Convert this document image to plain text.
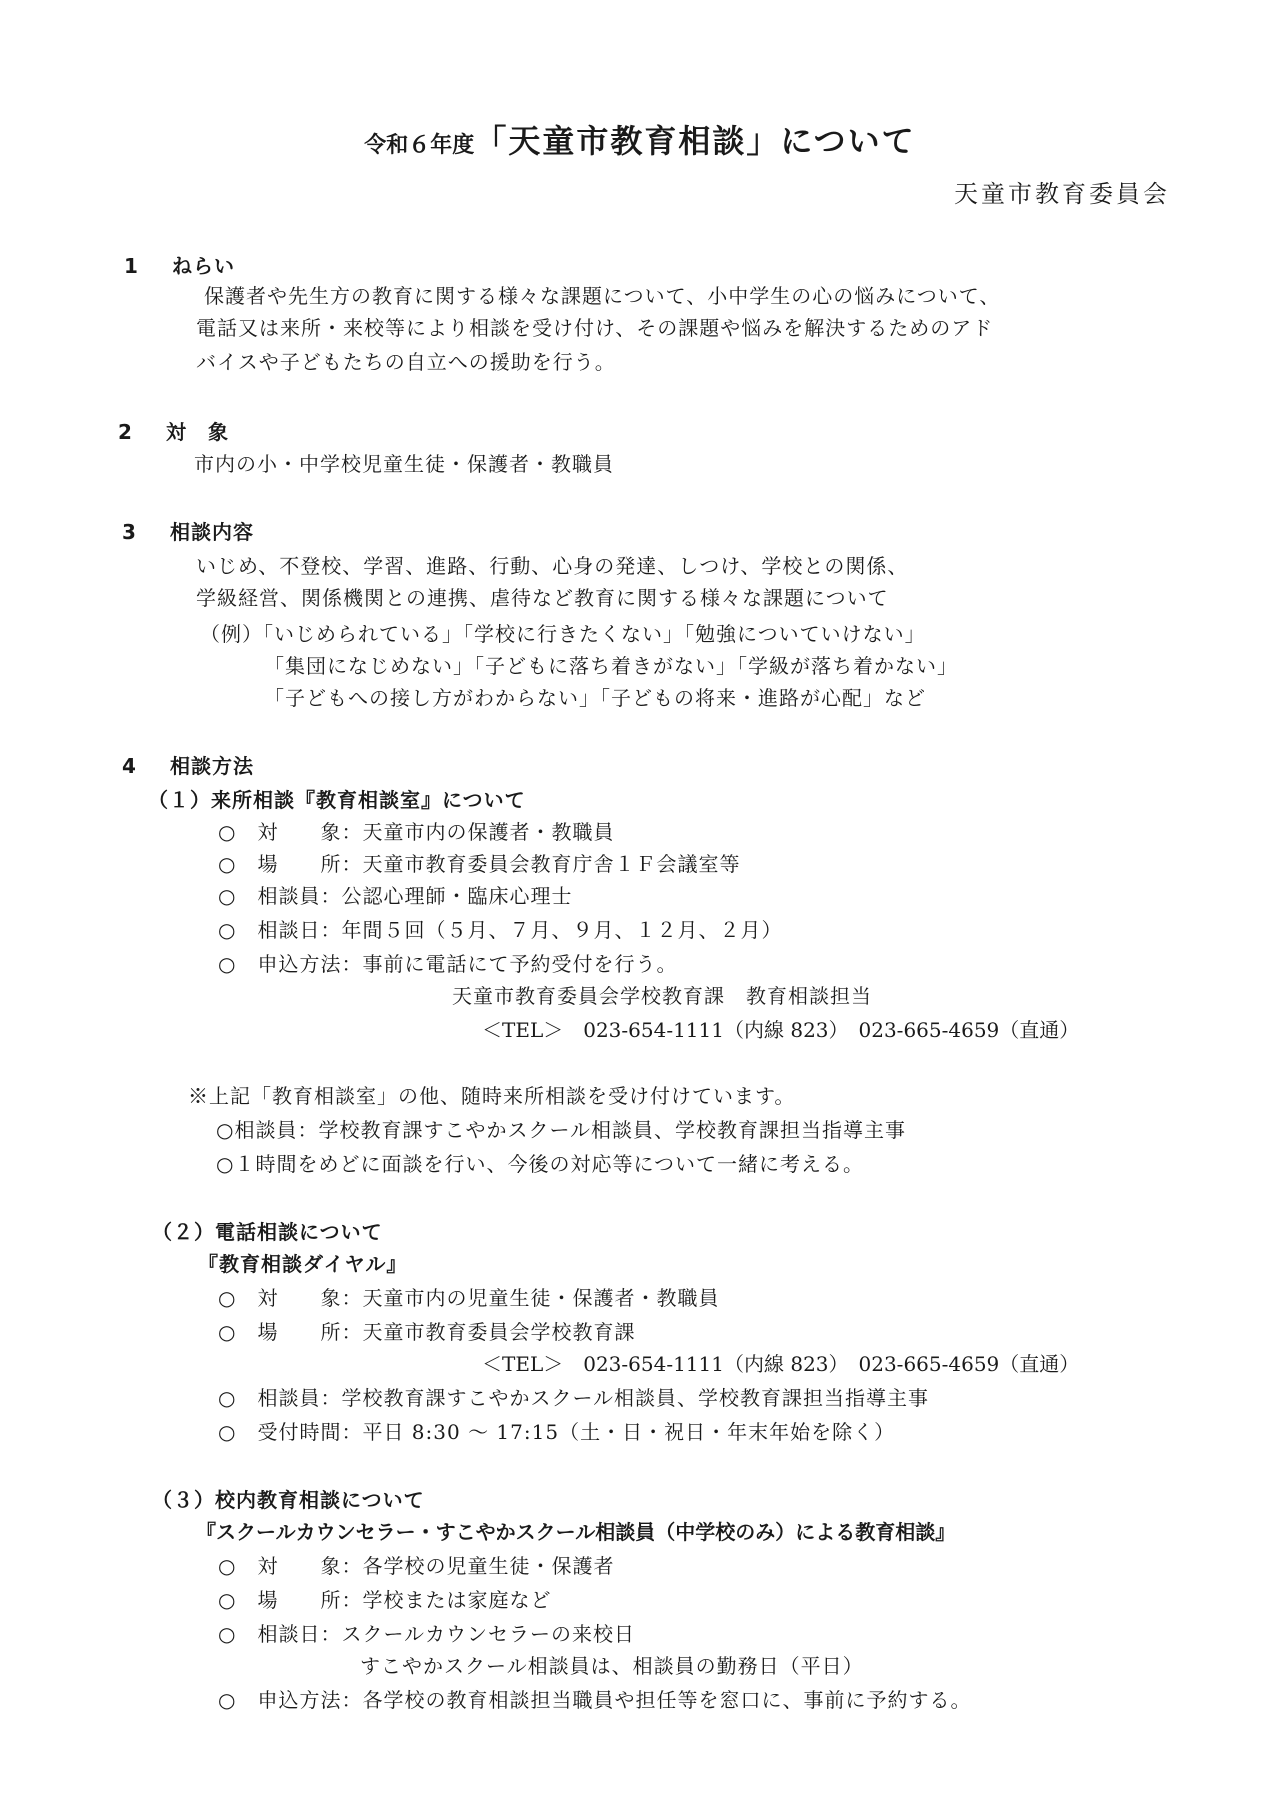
令和６年度「天童市教育相談」について
天童市教育委員会
1 ねらい
保護者や先生方の教育に関する様々な課題について、小中学生の心の悩みについて、
電話又は来所・来校等により相談を受け付け、その課題や悩みを解決するためのアド
バイスや子どもたちの自立への援助を行う。
2 対　象
市内の小・中学校児童生徒・保護者・教職員
3 相談内容
いじめ、不登校、学習、進路、行動、心身の発達、しつけ、学校との関係、
学級経営、関係機関との連携、虐待など教育に関する様々な課題について
（例）「いじめられている」「学校に行きたくない」「勉強についていけない」
「集団になじめない」「子どもに落ち着きがない」「学級が落ち着かない」
「子どもへの接し方がわからない」「子どもの将来・進路が心配」など
4 相談方法
（１）来所相談『教育相談室』について
○　対　　象：天童市内の保護者・教職員
○　場　　所：天童市教育委員会教育庁舎１Ｆ会議室等
○　相談員：公認心理師・臨床心理士
○　相談日：年間５回（５月、７月、９月、１２月、２月）
○　申込方法：事前に電話にて予約受付を行う。
天童市教育委員会学校教育課　教育相談担当
＜TEL＞　023-654-1111（内線 823）　023-665-4659（直通）
※上記「教育相談室」の他、随時来所相談を受け付けています。
○相談員：学校教育課すこやかスクール相談員、学校教育課担当指導主事
○１時間をめどに面談を行い、今後の対応等について一緒に考える。
（２）電話相談について
『教育相談ダイヤル』
○　対　　象：天童市内の児童生徒・保護者・教職員
○　場　　所：天童市教育委員会学校教育課
＜TEL＞　023-654-1111（内線 823）　023-665-4659（直通）
○　相談員：学校教育課すこやかスクール相談員、学校教育課担当指導主事
○　受付時間：平日 8:30 ～ 17:15（土・日・祝日・年末年始を除く）
（３）校内教育相談について
『スクールカウンセラー・すこやかスクール相談員（中学校のみ）による教育相談』
○　対　　象：各学校の児童生徒・保護者
○　場　　所：学校または家庭など
○　相談日：スクールカウンセラーの来校日
すこやかスクール相談員は、相談員の勤務日（平日）
○　申込方法：各学校の教育相談担当職員や担任等を窓口に、事前に予約する。
